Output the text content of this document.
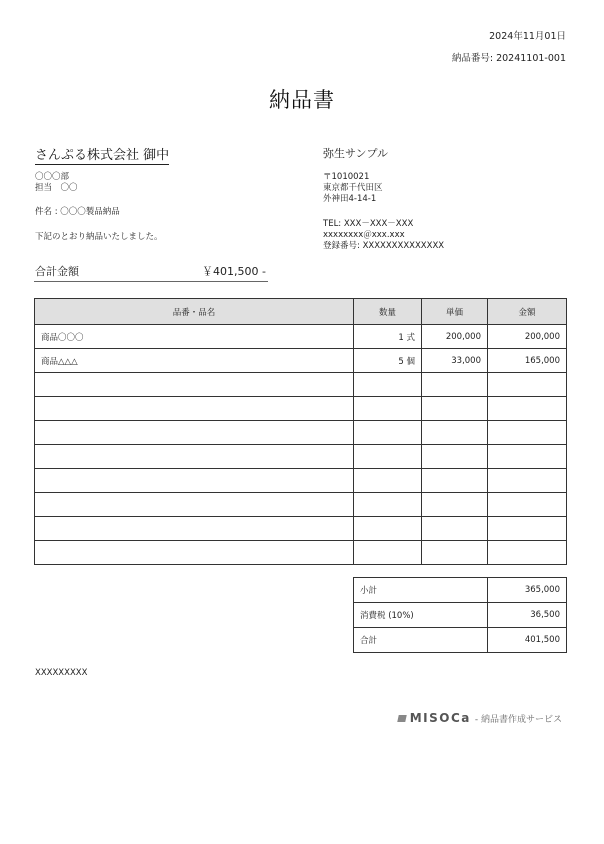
2024年11月01日
納品番号: 20241101-001
納品書
さんぷる株式会社 御中
〇〇〇部
担当　〇〇
件名 : 〇〇〇製品納品
下記のとおり納品いたしました。
合計金額	￥401,500 -
弥生サンプル
〒1010021
東京都千代田区
外神田4-14-1
TEL: XXX－XXX－XXX
xxxxxxxx＠xxx.xxx
登録番号: XXXXXXXXXXXXXX
品番・品名	数量	単価	金額
商品〇〇〇	1 式	200,000	200,000
商品△△△	5 個	33,000	165,000

小計	365,000
消費税 (10%)	36,500
合計	401,500
XXXXXXXXX
MISOCa - 納品書作成サービス
